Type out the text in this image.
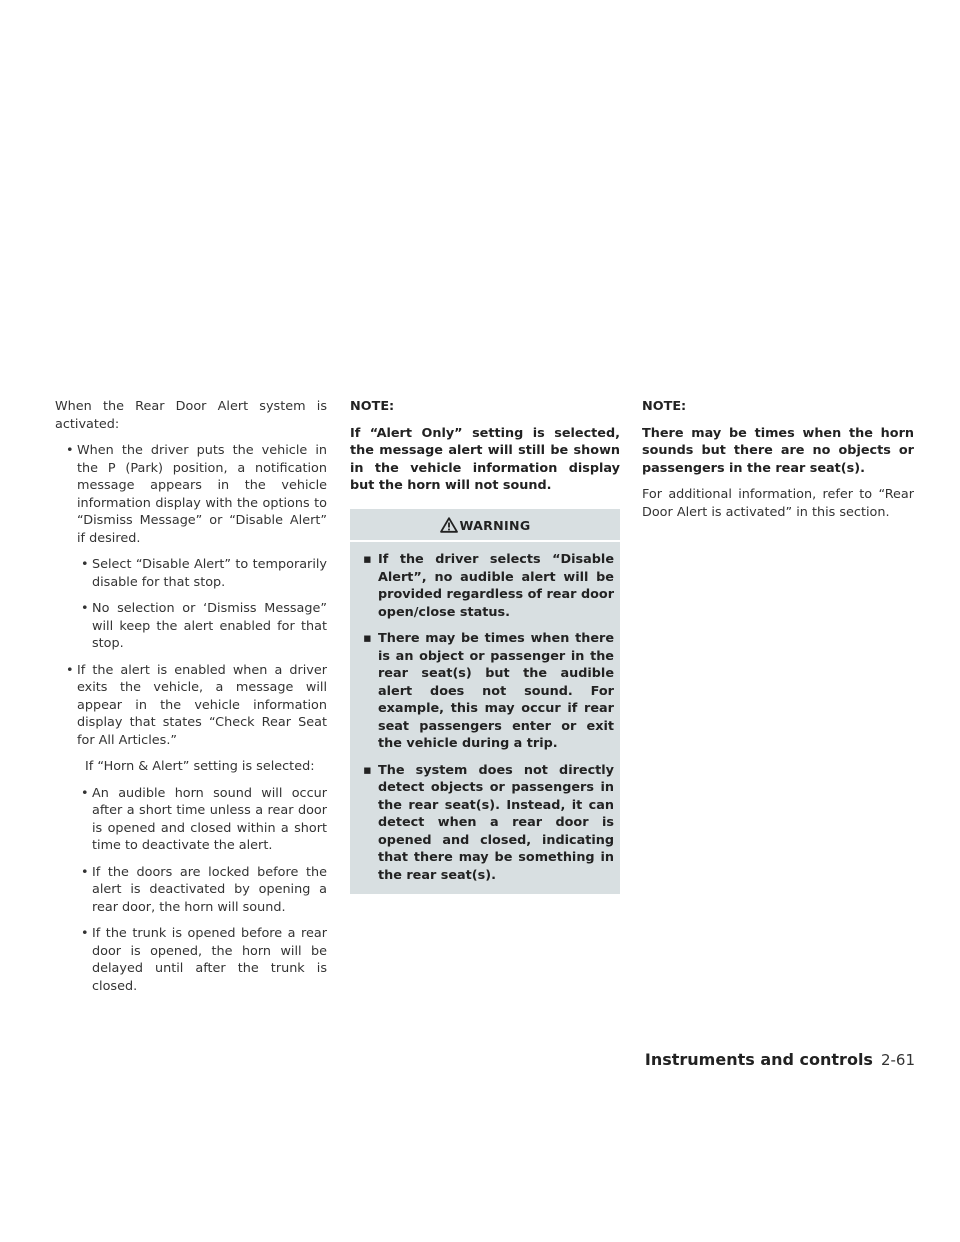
When the Rear Door Alert system is activated:

• When the driver puts the vehicle in the P (Park) position, a notification message appears in the vehicle information display with the options to “Dismiss Message” or “Disable Alert” if desired.
• Select “Disable Alert” to temporarily disable for that stop.
• No selection or ‘Dismiss Message” will keep the alert enabled for that stop.
• If the alert is enabled when a driver exits the vehicle, a message will appear in the vehicle information display that states “Check Rear Seat for All Articles.”
If “Horn & Alert” setting is selected:
• An audible horn sound will occur after a short time unless a rear door is opened and closed within a short time to deactivate the alert.
• If the doors are locked before the alert is deactivated by opening a rear door, the horn will sound.
• If the trunk is opened before a rear door is opened, the horn will be delayed until after the trunk is closed.

NOTE:

If “Alert Only” setting is selected, the message alert will still be shown in the vehicle information display but the horn will not sound.

WARNING
▪ If the driver selects “Disable Alert”, no audible alert will be provided regardless of rear door open/close status.
▪ There may be times when there is an object or passenger in the rear seat(s) but the audible alert does not sound. For example, this may occur if rear seat passengers enter or exit the vehicle during a trip.
▪ The system does not directly detect objects or passengers in the rear seat(s). Instead, it can detect when a rear door is opened and closed, indicating that there may be something in the rear seat(s).

NOTE:

There may be times when the horn sounds but there are no objects or passengers in the rear seat(s).

For additional information, refer to “Rear Door Alert is activated” in this section.

Instruments and controls 2-61
